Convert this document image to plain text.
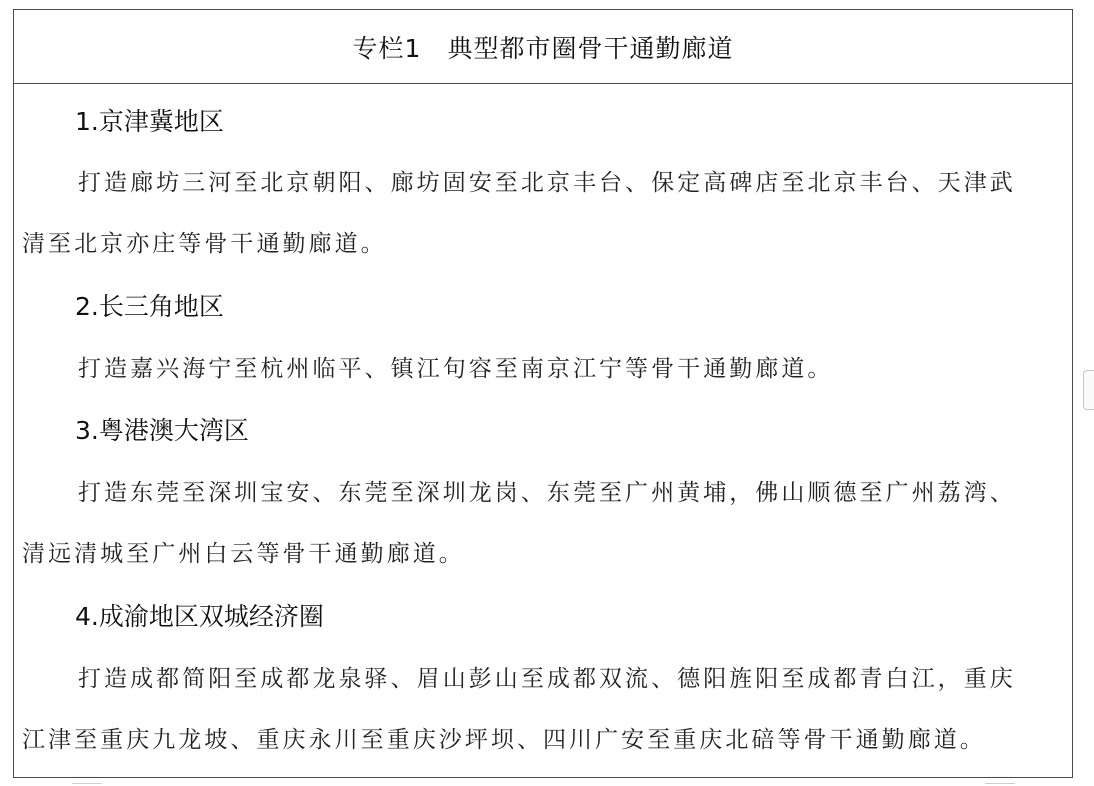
专栏1 典型都市圈骨干通勤廊道
1.京津冀地区
打造廊坊三河至北京朝阳、廊坊固安至北京丰台、保定高碑店至北京丰台、天津武
清至北京亦庄等骨干通勤廊道。
2.长三角地区
打造嘉兴海宁至杭州临平、镇江句容至南京江宁等骨干通勤廊道。
3.粤港澳大湾区
打造东莞至深圳宝安、东莞至深圳龙岗、东莞至广州黄埔，佛山顺德至广州荔湾、
清远清城至广州白云等骨干通勤廊道。
4.成渝地区双城经济圈
打造成都简阳至成都龙泉驿、眉山彭山至成都双流、德阳旌阳至成都青白江，重庆
江津至重庆九龙坡、重庆永川至重庆沙坪坝、四川广安至重庆北碚等骨干通勤廊道。
